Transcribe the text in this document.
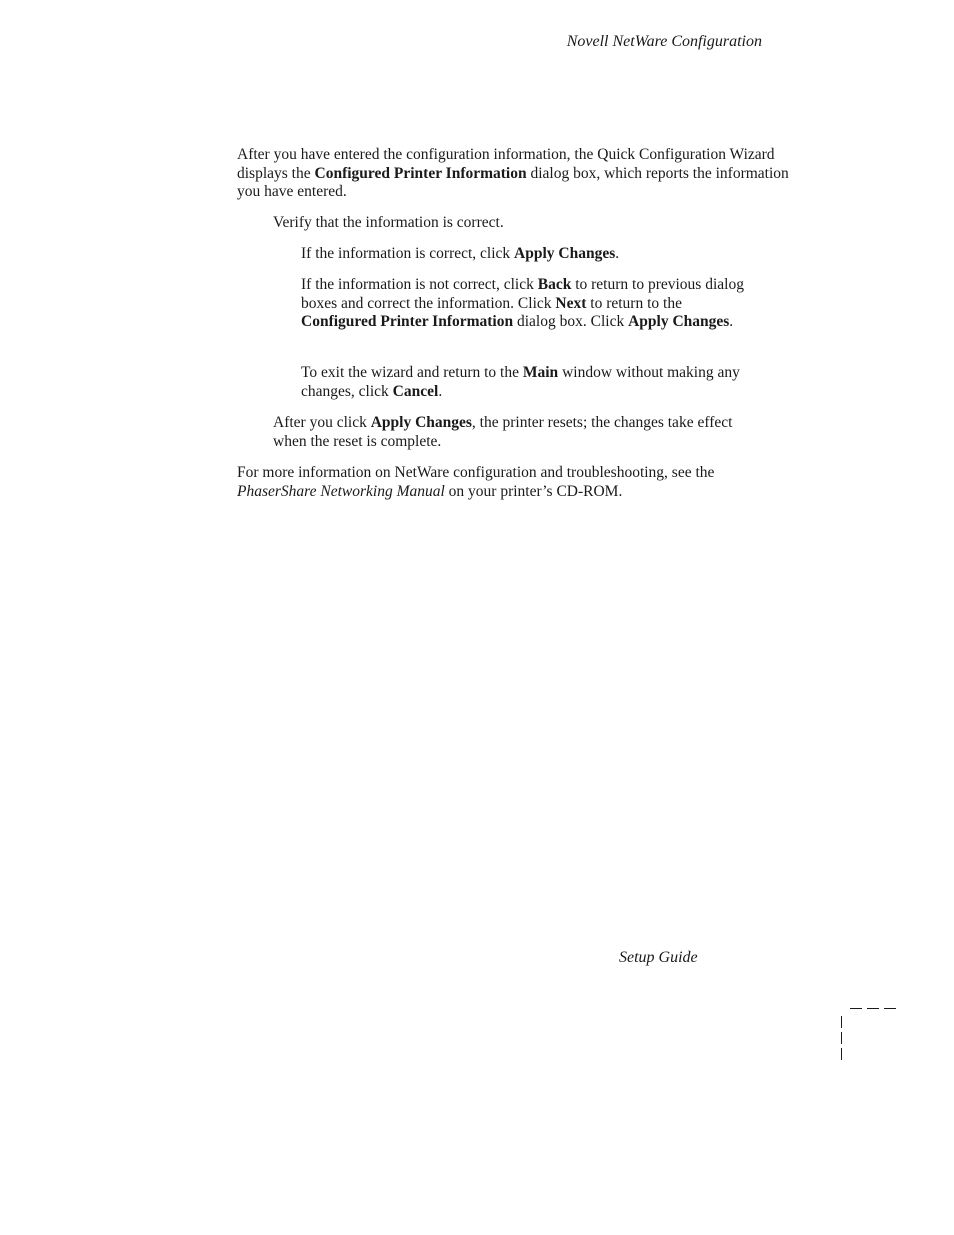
Novell NetWare Configuration

After you have entered the configuration information, the Quick Configuration Wizard displays the Configured Printer Information dialog box, which reports the information you have entered.

Verify that the information is correct.

If the information is correct, click Apply Changes.

If the information is not correct, click Back to return to previous dialog boxes and correct the information. Click Next to return to the Configured Printer Information dialog box. Click Apply Changes.

To exit the wizard and return to the Main window without making any changes, click Cancel.

After you click Apply Changes, the printer resets; the changes take effect when the reset is complete.

For more information on NetWare configuration and troubleshooting, see the PhaserShare Networking Manual on your printer’s CD-ROM.

Setup Guide
